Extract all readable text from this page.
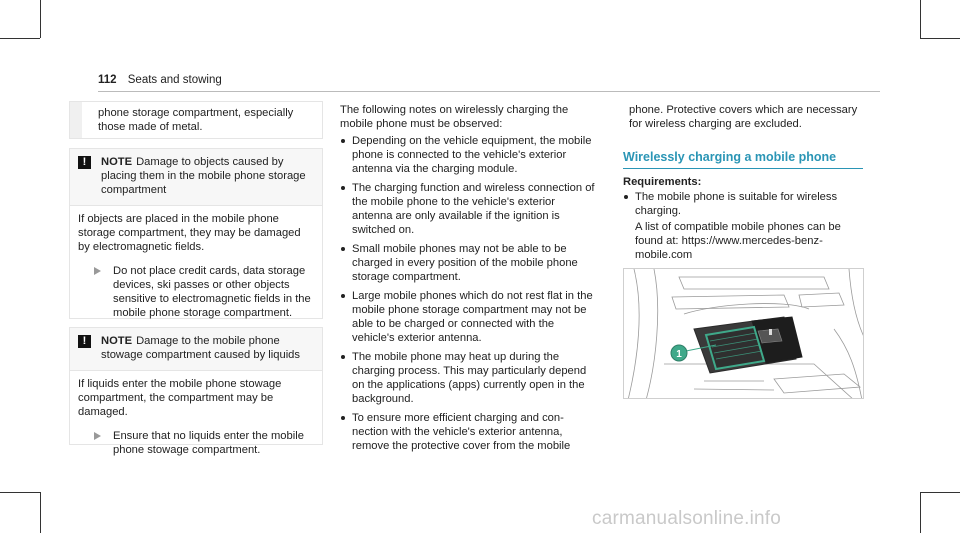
112 Seats and stowing

phone storage compartment, especially those made of metal.

!	NOTE Damage to objects caused by placing them in the mobile phone storage compartment

If objects are placed in the mobile phone storage compartment, they may be damaged by electromagnetic fields.

Do not place credit cards, data storage devices, ski passes or other objects sensitive to electromagnetic fields in the mobile phone storage compartment.

!	NOTE Damage to the mobile phone stowage compartment caused by liquids

If liquids enter the mobile phone stowage compartment, the compartment may be damaged.

Ensure that no liquids enter the mobile phone stowage compartment.

The following notes on wirelessly charging the mobile phone must be observed:

Depending on the vehicle equipment, the mobile phone is connected to the vehicle's exterior antenna via the charging module.
The charging function and wireless connection of the mobile phone to the vehicle's exterior antenna are only available if the ignition is switched on.
Small mobile phones may not be able to be charged in every position of the mobile phone storage compartment.
Large mobile phones which do not rest flat in the mobile phone storage compartment may not be able to be charged or connected with the vehicle's exterior antenna.
The mobile phone may heat up during the charging process. This may particularly depend on the applications (apps) currently open in the background.
To ensure more efficient charging and connection with the vehicle's exterior antenna, remove the protective cover from the mobile

phone. Protective covers which are necessary for wireless charging are excluded.

Wirelessly charging a mobile phone

Requirements:

The mobile phone is suitable for wireless charging.

A list of compatible mobile phones can be found at: https://www.mercedes-benz-mobile.com

1
carmanualsonline.info
